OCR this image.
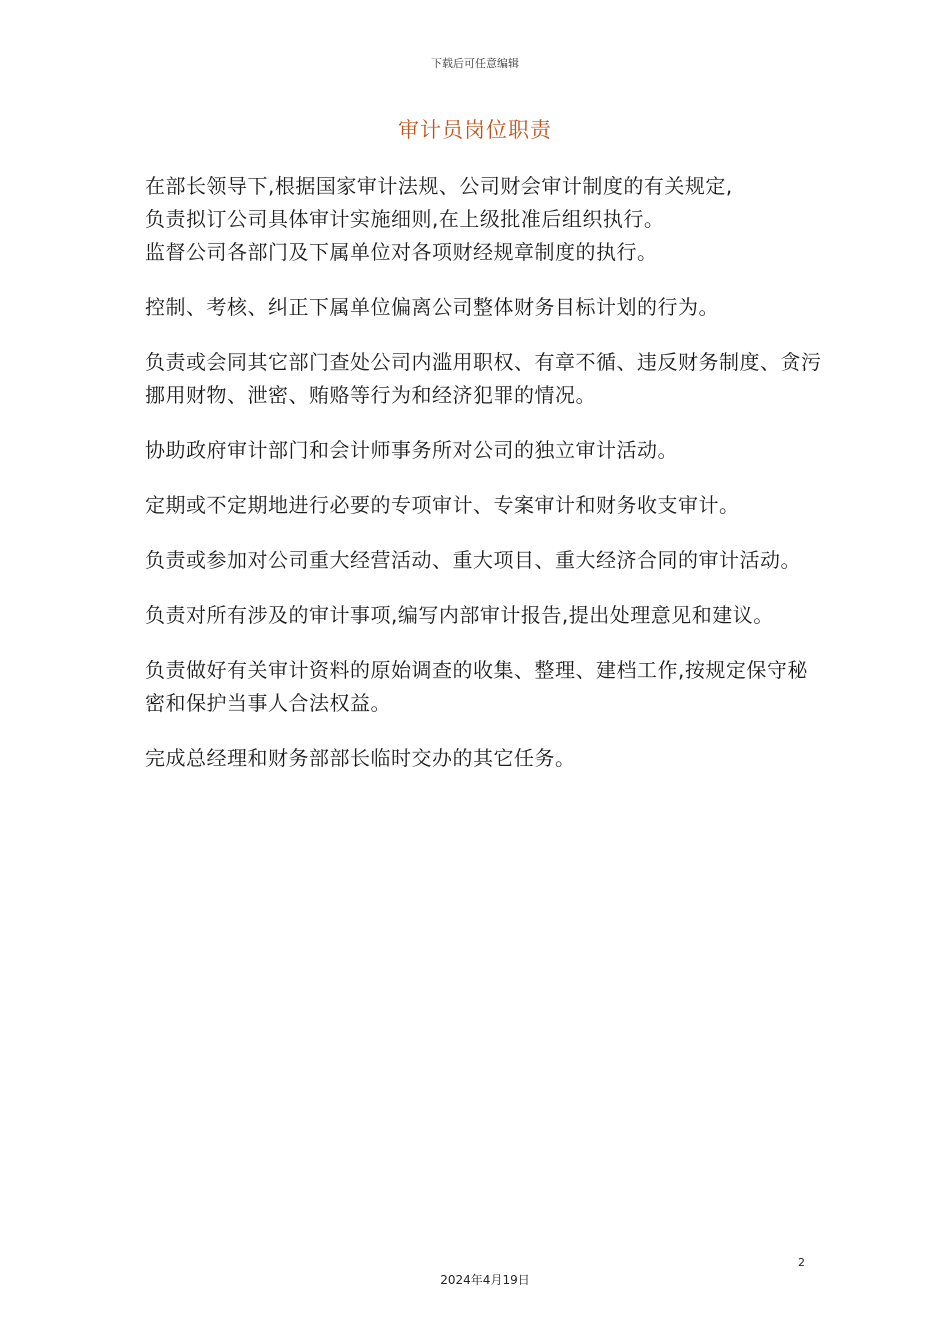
下载后可任意编辑
审计员岗位职责

在部长领导下,根据国家审计法规、公司财会审计制度的有关规定,

负责拟订公司具体审计实施细则,在上级批准后组织执行。

监督公司各部门及下属单位对各项财经规章制度的执行。

控制、考核、纠正下属单位偏离公司整体财务目标计划的行为。

负责或会同其它部门查处公司内滥用职权、有章不循、违反财务制度、贪污挪用财物、泄密、贿赂等行为和经济犯罪的情况。

协助政府审计部门和会计师事务所对公司的独立审计活动。

定期或不定期地进行必要的专项审计、专案审计和财务收支审计。

负责或参加对公司重大经营活动、重大项目、重大经济合同的审计活动。

负责对所有涉及的审计事项,编写内部审计报告,提出处理意见和建议。

负责做好有关审计资料的原始调查的收集、整理、建档工作,按规定保守秘密和保护当事人合法权益。

完成总经理和财务部部长临时交办的其它任务。

2
2024年4月19日
